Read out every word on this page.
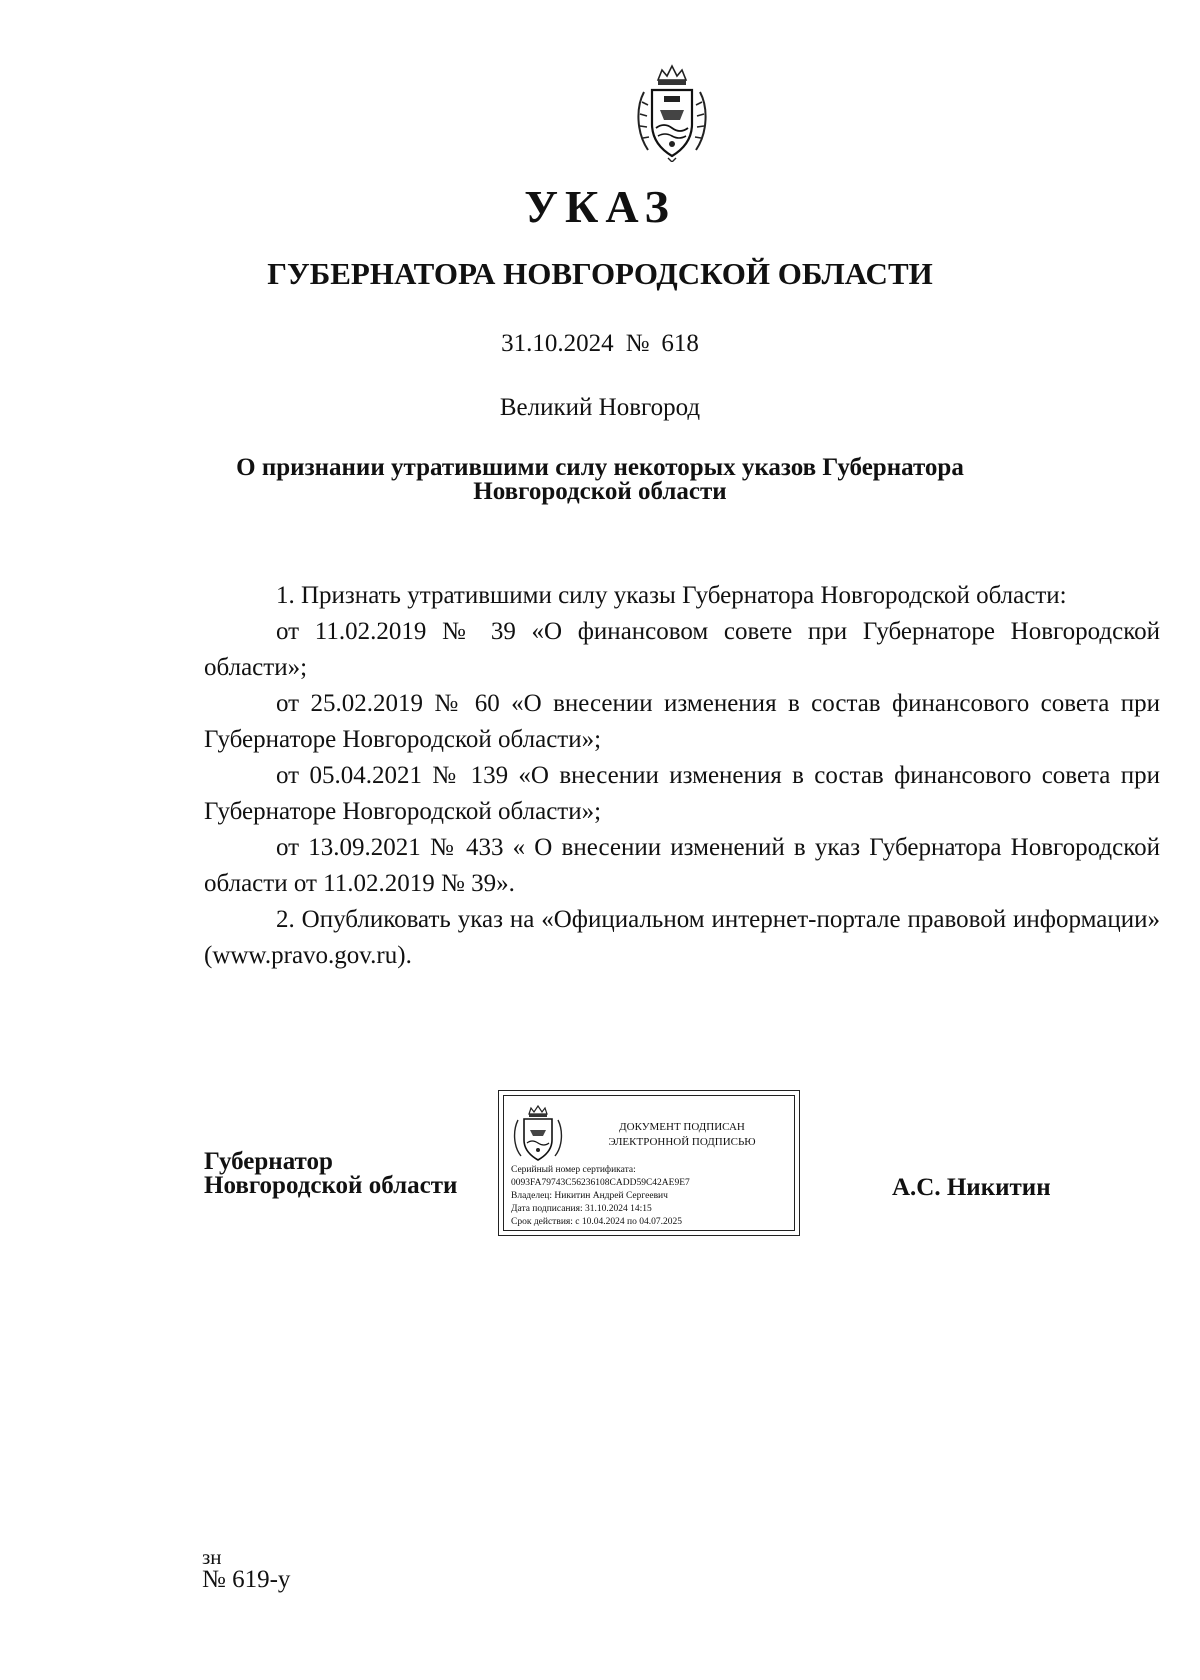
УКАЗ
ГУБЕРНАТОРА НОВГОРОДСКОЙ ОБЛАСТИ
31.10.2024 № 618
Великий Новгород
О признании утратившими силу некоторых указов Губернатора
Новгородской области

1. Признать утратившими силу указы Губернатора Новгородской области:

от 11.02.2019 № 39 «О финансовом совете при Губернаторе Новгородской области»;

от 25.02.2019 № 60 «О внесении изменения в состав финансового совета при Губернаторе Новгородской области»;

от 05.04.2021 № 139 «О внесении изменения в состав финансового совета при Губернаторе Новгородской области»;

от 13.09.2021 № 433 « О внесении изменений в указ Губернатора Новгородской области от 11.02.2019 № 39».

2. Опубликовать указ на «Официальном интернет-портале правовой информации» (www.pravo.gov.ru).

Губернатор
Новгородской области
ДОКУМЕНТ ПОДПИСАН
ЭЛЕКТРОННОЙ ПОДПИСЬЮ
Серийный номер сертификата:
0093FA79743C56236108CADD59C42AE9E7
Владелец: Никитин Андрей Сергеевич
Дата подписания: 31.10.2024 14:15
Срок действия: с 10.04.2024 по 04.07.2025
А.С. Никитин
зн
№ 619-у
